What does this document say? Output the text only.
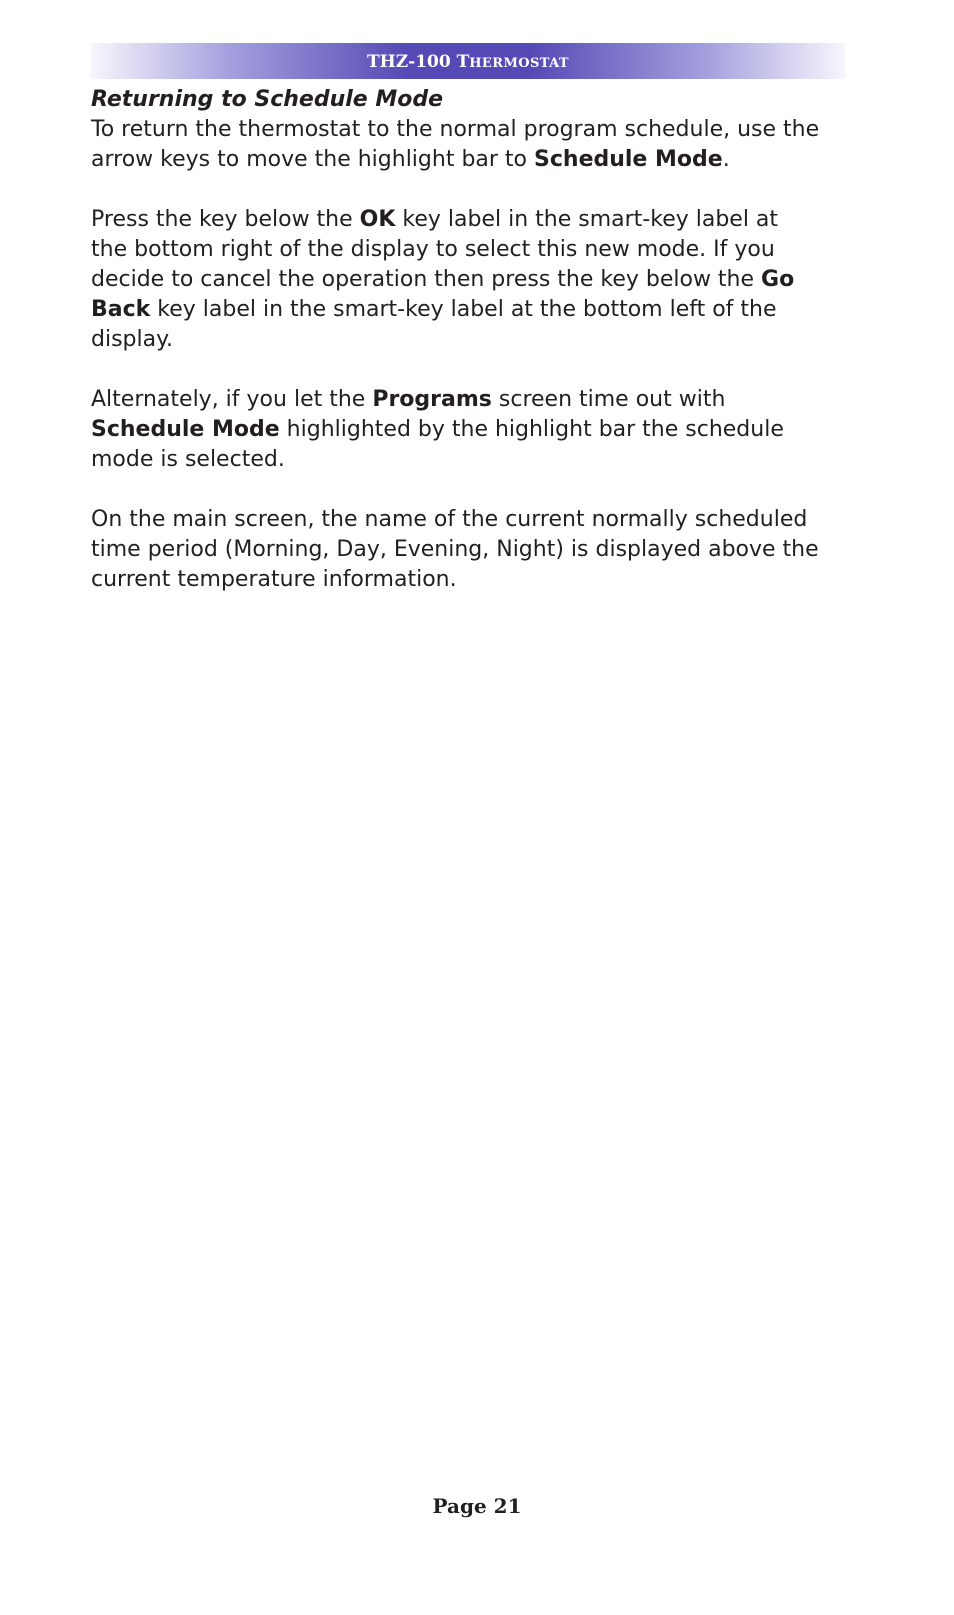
THZ-100 THERMOSTAT
Returning to Schedule Mode

To return the thermostat to the normal program schedule, use the arrow keys to move the highlight bar to Schedule Mode.

Press the key below the OK key label in the smart-key label at the bottom right of the display to select this new mode. If you decide to cancel the operation then press the key below the Go Back key label in the smart-key label at the bottom left of the display.

Alternately, if you let the Programs screen time out with Schedule Mode highlighted by the highlight bar the schedule mode is selected.

On the main screen, the name of the current normally scheduled time period (Morning, Day, Evening, Night) is displayed above the current temperature information.

Page 21
